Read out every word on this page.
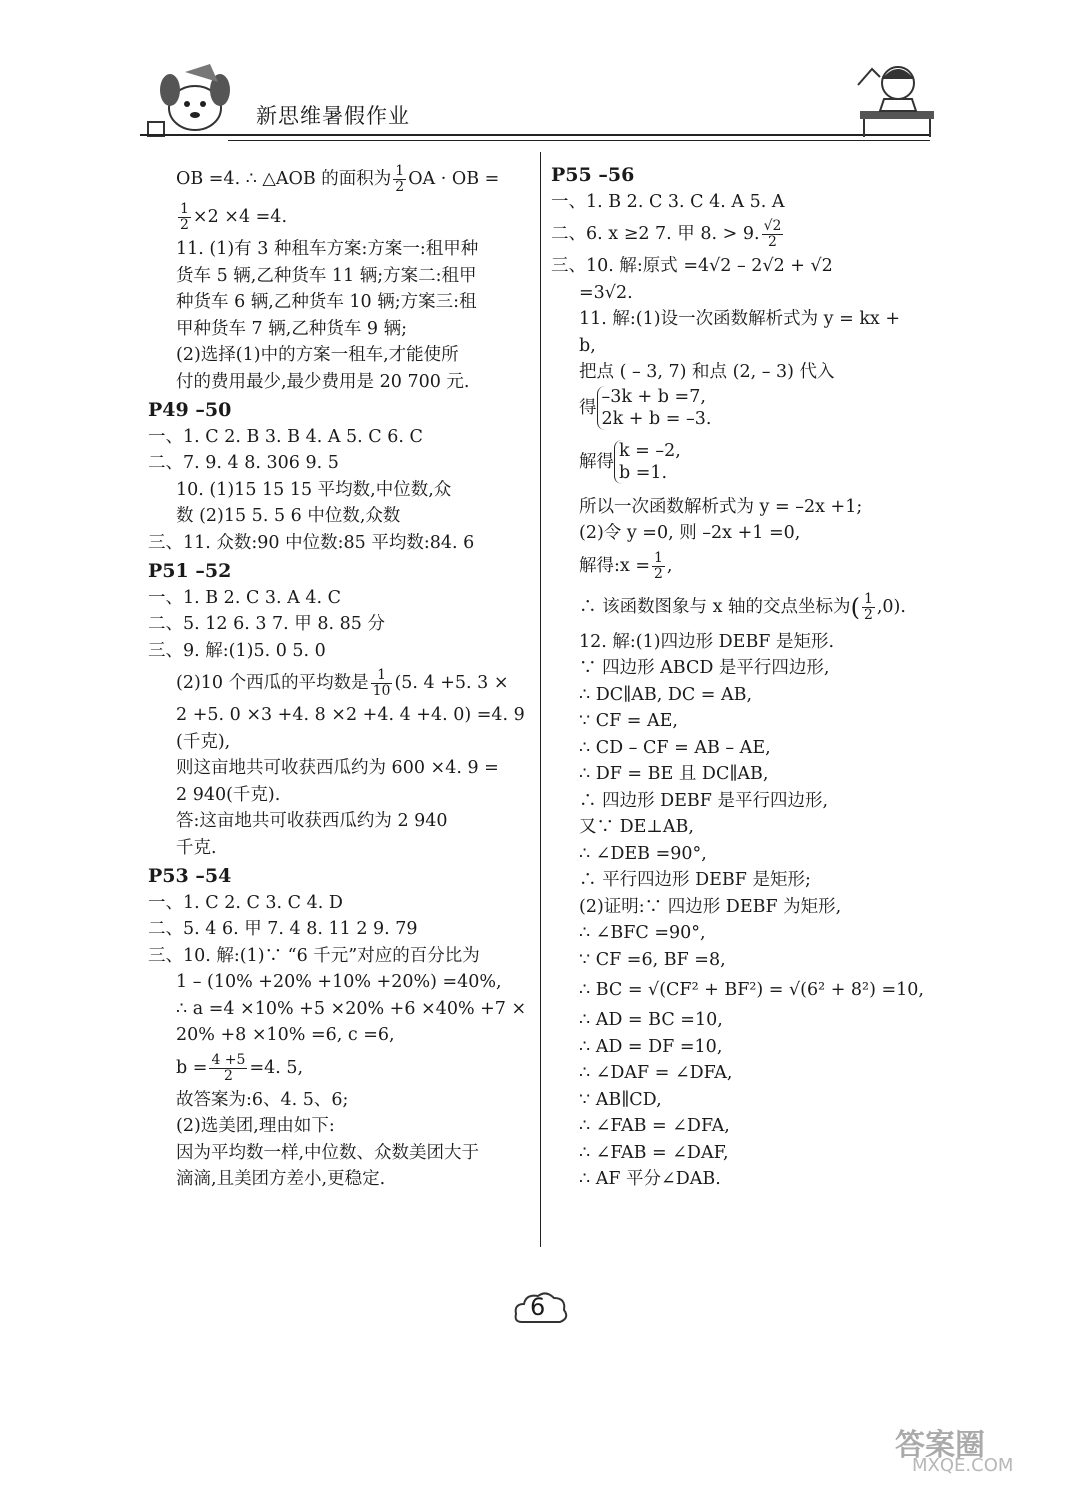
新思维暑假作业
OB =4. ∴ △AOB 的面积为 $\frac{1}{2}$ OA · OB =
$\frac{1}{2} \times 2 \times 4 =4$.
11. (1)有 3 种租车方案:方案一:租甲种
货车 5 辆,乙种货车 11 辆;方案二:租甲
种货车 6 辆,乙种货车 10 辆;方案三:租
甲种货车 7 辆,乙种货车 9 辆;
(2)选择(1)中的方案一租车,才能使所
付的费用最少,最少费用是 20 700 元.
P49 –50
一、1. C 2. B 3. B 4. A 5. C 6. C
二、7. 9. 4 8. 306 9. 5
10. (1)15 15 15 平均数,中位数,众
数 (2)15 5. 5 6 中位数,众数
三、11. 众数:90 中位数:85 平均数:84. 6
P51 –52
一、1. B 2. C 3. A 4. C
二、5. 12 6. 3 7. 甲 8. 85 分
三、9. 解:(1)5. 0 5. 0
(2)10 个西瓜的平均数是 $\frac{1}{10} (5$. 4 +5. 3 ×
2 +5. 0 ×3 +4. 8 ×2 +4. 4 +4. 0) =4. 9
(千克),
则这亩地共可收获西瓜约为 600 ×4. 9 =
2 940(千克).
答:这亩地共可收获西瓜约为 2 940
千克.
P53 –54
一、1. C 2. C 3. C 4. D
二、5. 4 6. 甲 7. 4 8. 11 2 9. 79
三、10. 解:(1)∵ “6 千元”对应的百分比为
1 – (10% +20% +10% +20%) =40%,
∴ a =4 ×10% +5 ×20% +6 ×40% +7 ×
20% +8 ×10% =6, c =6,
$b = \frac{4 +5}{2} =4$. 5,
故答案为:6、4. 5、6;
(2)选美团,理由如下:
因为平均数一样,中位数、众数美团大于
滴滴,且美团方差小,更稳定.
P55 –56
一、1. B 2. C 3. C 4. A 5. A
二、6. x ≥2 7. 甲 8. > 9. $\frac{√2}{2}$
三、10. 解:原式 =4√2 – 2√2 + √2
=3√2.
11. 解:(1)设一次函数解析式为 y = kx +
b,
把点 ( – 3, 7) 和点 (2, – 3) 代入
得
–3k + b =7,
2k + b = –3.
解得
k = –2,
b =1.
所以一次函数解析式为 y = –2x +1;
(2)令 y =0, 则 –2x +1 =0,
解得:x = $\frac{1}{2}$ ,
∴ 该函数图象与 x 轴的交点坐标为( $\frac{1}{2} ,0$).
12. 解:(1)四边形 DEBF 是矩形.
∵ 四边形 ABCD 是平行四边形,
∴ DC∥AB, DC = AB,
∵ CF = AE,
∴ CD – CF = AB – AE,
∴ DF = BE 且 DC∥AB,
∴ 四边形 DEBF 是平行四边形,
又∵ DE⊥AB,
∴ ∠DEB =90°,
∴ 平行四边形 DEBF 是矩形;
(2)证明:∵ 四边形 DEBF 为矩形,
∴ ∠BFC =90°,
∵ CF =6, BF =8,
∴ BC = √(CF² + BF²) = √(6² + 8²) =10,
∴ AD = BC =10,
∴ AD = DF =10,
∴ ∠DAF = ∠DFA,
∵ AB∥CD,
∴ ∠FAB = ∠DFA,
∴ ∠FAB = ∠DAF,
∴ AF 平分∠DAB.
6
答案圈
MXQE.COM
